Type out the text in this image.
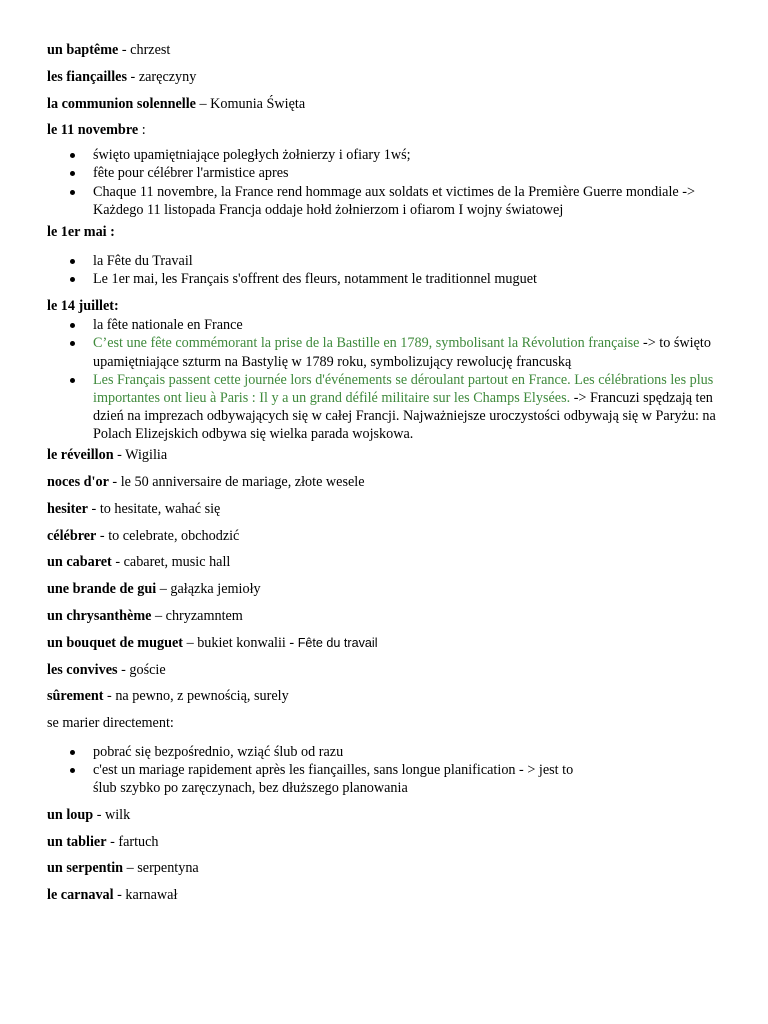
un baptême - chrzest

les fiançailles - zaręczyny

la communion solennelle – Komunia Święta

le 11 novembre :

święto upamiętniające poległych żołnierzy i ofiary 1wś;
fête pour célébrer l'armistice apres
Chaque 11 novembre, la France rend hommage aux soldats et victimes de la Première Guerre mondiale -> Każdego 11 listopada Francja oddaje hołd żołnierzom i ofiarom I wojny światowej

le 1er mai :

la Fête du Travail
Le 1er mai, les Français s'offrent des fleurs, notamment le traditionnel muguet

le 14 juillet:

la fête nationale en France
C’est une fête commémorant la prise de la Bastille en 1789, symbolisant la Révolution française -> to święto upamiętniające szturm na Bastylię w 1789 roku, symbolizujący rewolucję francuską
Les Français passent cette journée lors d'événements se déroulant partout en France. Les célébrations les plus importantes ont lieu à Paris : Il y a un grand défilé militaire sur les Champs Elysées. -> Francuzi spędzają ten dzień na imprezach odbywających się w całej Francji. Najważniejsze uroczystości odbywają się w Paryżu: na Polach Elizejskich odbywa się wielka parada wojskowa.

le réveillon - Wigilia

noces d'or - le 50 anniversaire de mariage, złote wesele

hesiter - to hesitate, wahać się

célébrer - to celebrate, obchodzić

un cabaret - cabaret, music hall

une brande de gui – gałązka jemioły

un chrysanthème – chryzamntem

un bouquet de muguet – bukiet konwalii - Fête du travail

les convives - goście

sûrement - na pewno, z pewnością, surely

se marier directement:

pobrać się bezpośrednio, wziąć ślub od razu
c'est un mariage rapidement après les fiançailles, sans longue planification - > jest to ślub szybko po zaręczynach, bez dłuższego planowania

un loup - wilk

un tablier - fartuch

un serpentin – serpentyna

le carnaval - karnawał
